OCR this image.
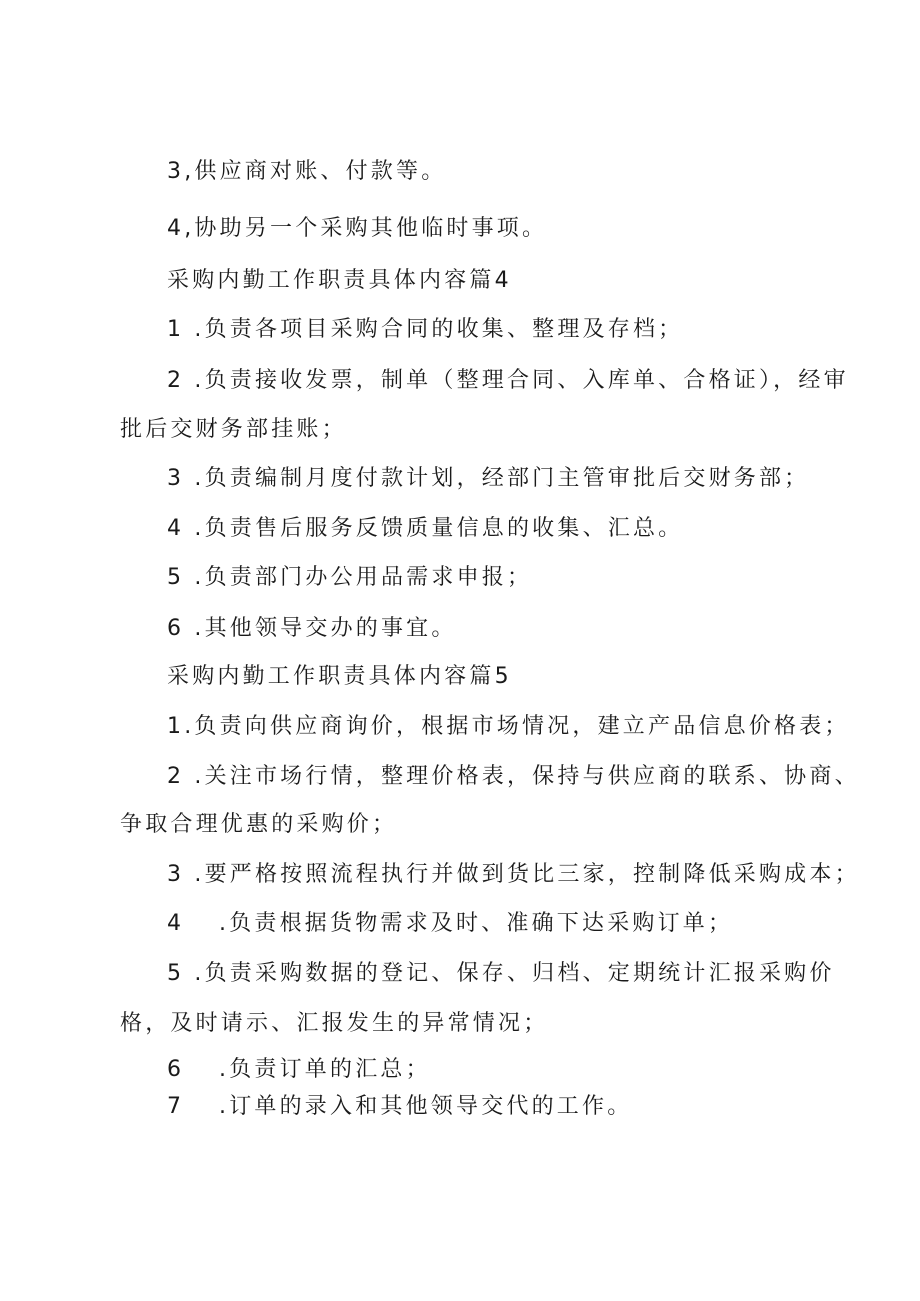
3,供应商对账、付款等。
4,协助另一个采购其他临时事项。
采购内勤工作职责具体内容篇4
1 .负责各项目采购合同的收集、整理及存档；
2 .负责接收发票，制单（整理合同、入库单、合格证），经审
批后交财务部挂账；
3 .负责编制月度付款计划，经部门主管审批后交财务部；
4 .负责售后服务反馈质量信息的收集、汇总。
5 .负责部门办公用品需求申报；
6 .其他领导交办的事宜。
采购内勤工作职责具体内容篇5
1.负责向供应商询价，根据市场情况，建立产品信息价格表；
2 .关注市场行情，整理价格表，保持与供应商的联系、协商、
争取合理优惠的采购价；
3 .要严格按照流程执行并做到货比三家，控制降低采购成本；
4 .负责根据货物需求及时、准确下达采购订单；
5 .负责采购数据的登记、保存、归档、定期统计汇报采购价
格，及时请示、汇报发生的异常情况；
6 .负责订单的汇总；
7 .订单的录入和其他领导交代的工作。
